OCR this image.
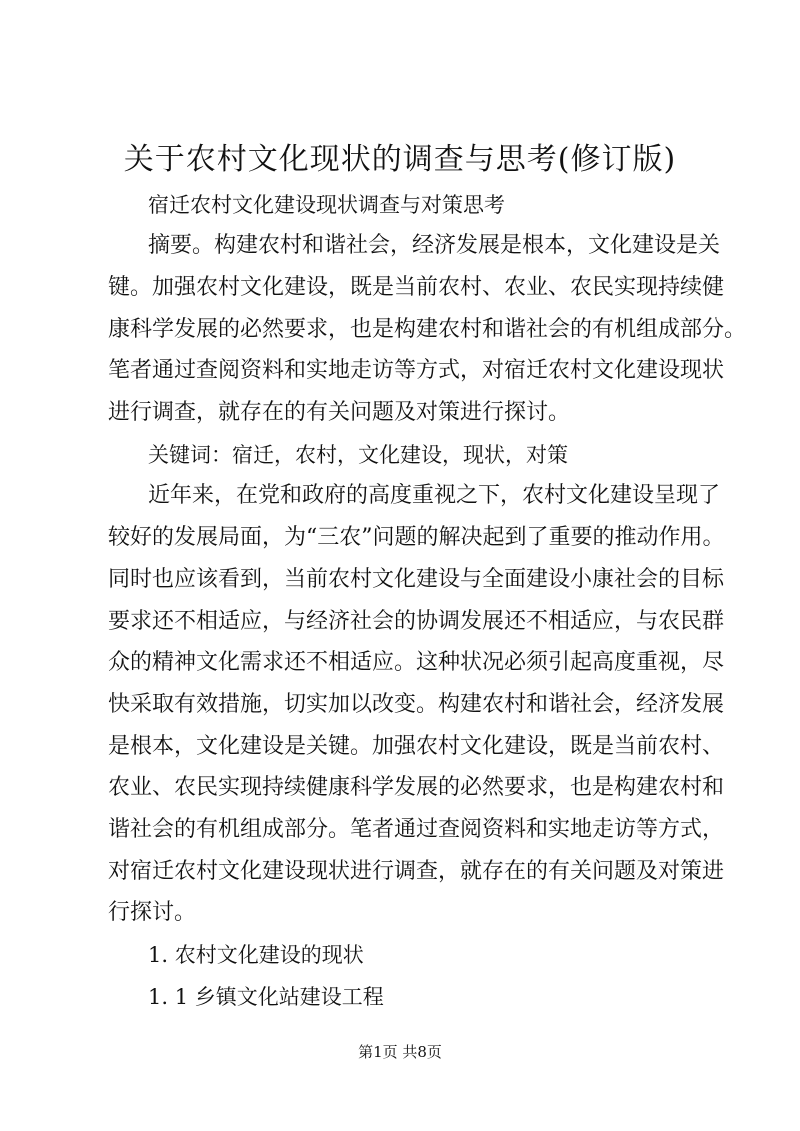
关于农村文化现状的调查与思考(修订版)
宿迁农村文化建设现状调查与对策思考
摘要。构建农村和谐社会，经济发展是根本，文化建设是关
键。加强农村文化建设，既是当前农村、农业、农民实现持续健
康科学发展的必然要求，也是构建农村和谐社会的有机组成部分。
笔者通过查阅资料和实地走访等方式，对宿迁农村文化建设现状
进行调查，就存在的有关问题及对策进行探讨。
关键词：宿迁，农村，文化建设，现状，对策
近年来，在党和政府的高度重视之下，农村文化建设呈现了
较好的发展局面，为“三农”问题的解决起到了重要的推动作用。
同时也应该看到，当前农村文化建设与全面建设小康社会的目标
要求还不相适应，与经济社会的协调发展还不相适应，与农民群
众的精神文化需求还不相适应。这种状况必须引起高度重视，尽
快采取有效措施，切实加以改变。构建农村和谐社会，经济发展
是根本，文化建设是关键。加强农村文化建设，既是当前农村、
农业、农民实现持续健康科学发展的必然要求，也是构建农村和
谐社会的有机组成部分。笔者通过查阅资料和实地走访等方式，
对宿迁农村文化建设现状进行调查，就存在的有关问题及对策进
行探讨。
1. 农村文化建设的现状
1. 1 乡镇文化站建设工程
第1页 共8页
